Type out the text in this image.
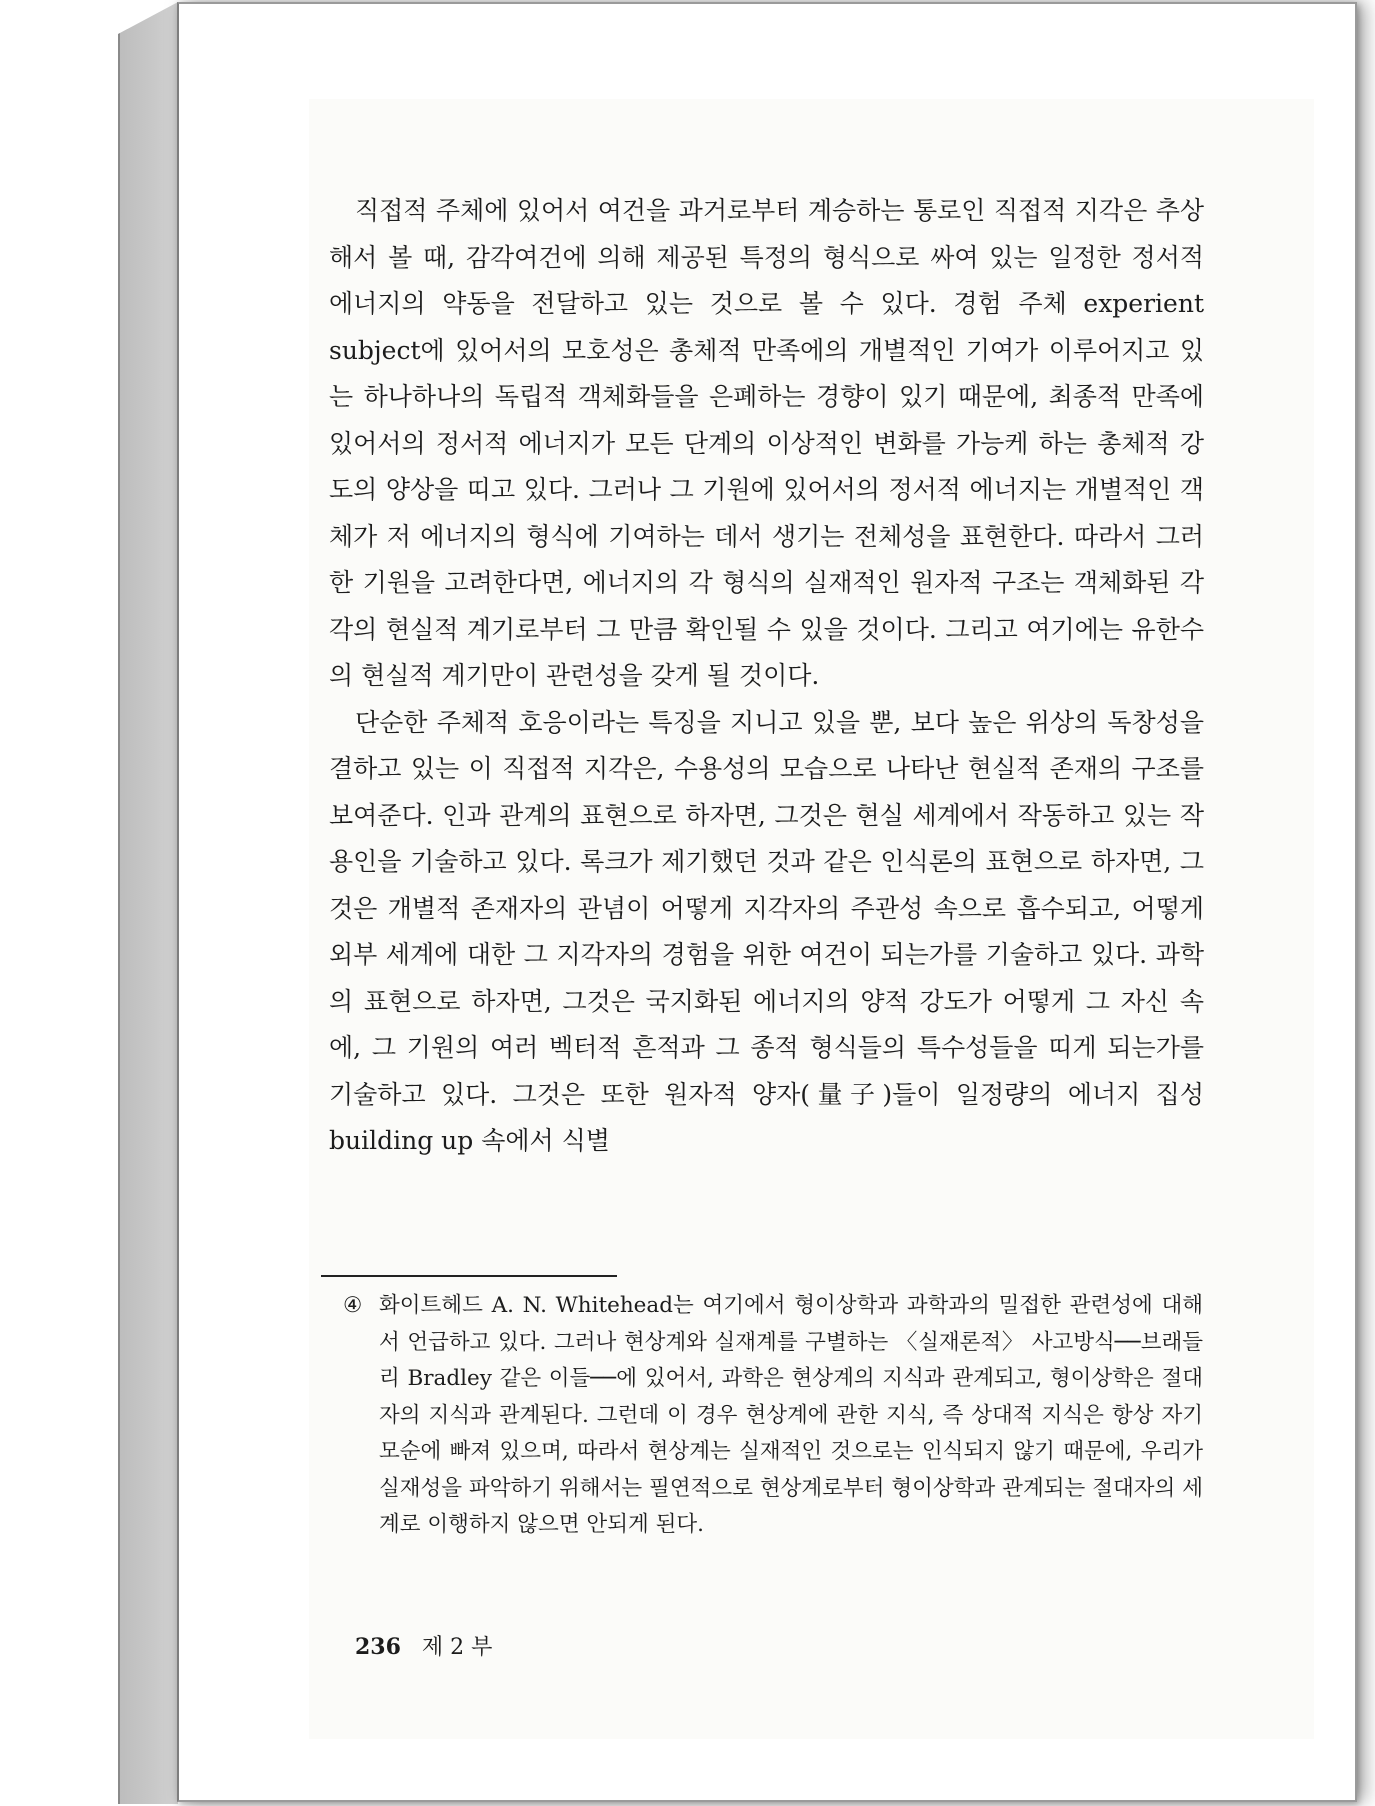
직접적 주체에 있어서 여건을 과거로부터 계승하는 통로인 직접적 지각은 추상해서 볼 때, 감각여건에 의해 제공된 특정의 형식으로 싸여 있는 일정한 정서적 에너지의 약동을 전달하고 있는 것으로 볼 수 있다. 경험 주체 experient subject에 있어서의 모호성은 총체적 만족에의 개별적인 기여가 이루어지고 있는 하나하나의 독립적 객체화들을 은폐하는 경향이 있기 때문에, 최종적 만족에 있어서의 정서적 에너지가 모든 단계의 이상적인 변화를 가능케 하는 총체적 강도의 양상을 띠고 있다. 그러나 그 기원에 있어서의 정서적 에너지는 개별적인 객체가 저 에너지의 형식에 기여하는 데서 생기는 전체성을 표현한다. 따라서 그러한 기원을 고려한다면, 에너지의 각 형식의 실재적인 원자적 구조는 객체화된 각각의 현실적 계기로부터 그 만큼 확인될 수 있을 것이다. 그리고 여기에는 유한수의 현실적 계기만이 관련성을 갖게 될 것이다.

단순한 주체적 호응이라는 특징을 지니고 있을 뿐, 보다 높은 위상의 독창성을 결하고 있는 이 직접적 지각은, 수용성의 모습으로 나타난 현실적 존재의 구조를 보여준다. 인과 관계의 표현으로 하자면, 그것은 현실 세계에서 작동하고 있는 작용인을 기술하고 있다. 록크가 제기했던 것과 같은 인식론의 표현으로 하자면, 그것은 개별적 존재자의 관념이 어떻게 지각자의 주관성 속으로 흡수되고, 어떻게 외부 세계에 대한 그 지각자의 경험을 위한 여건이 되는가를 기술하고 있다. 과학의 표현으로 하자면, 그것은 국지화된 에너지의 양적 강도가 어떻게 그 자신 속에, 그 기원의 여러 벡터적 흔적과 그 종적 형식들의 특수성들을 띠게 되는가를 기술하고 있다. 그것은 또한 원자적 양자(量子)들이 일정량의 에너지 집성 building up 속에서 식별

④ 화이트헤드 A. N. Whitehead는 여기에서 형이상학과 과학과의 밀접한 관련성에 대해서 언급하고 있다. 그러나 현상계와 실재계를 구별하는 〈실재론적〉 사고방식──브래들리 Bradley 같은 이들──에 있어서, 과학은 현상계의 지식과 관계되고, 형이상학은 절대자의 지식과 관계된다. 그런데 이 경우 현상계에 관한 지식, 즉 상대적 지식은 항상 자기 모순에 빠져 있으며, 따라서 현상계는 실재적인 것으로는 인식되지 않기 때문에, 우리가 실재성을 파악하기 위해서는 필연적으로 현상계로부터 형이상학과 관계되는 절대자의 세계로 이행하지 않으면 안되게 된다.
236 제 2 부
